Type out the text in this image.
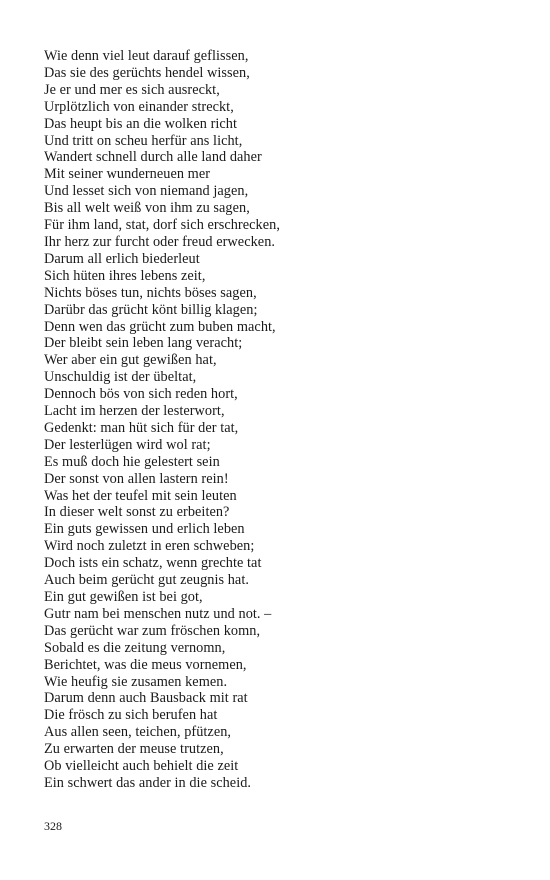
Wie denn viel leut darauf geflissen,
Das sie des gerüchts hendel wissen,
Je er und mer es sich ausreckt,
Urplötzlich von einander streckt,
Das heupt bis an die wolken richt
Und tritt on scheu herfür ans licht,
Wandert schnell durch alle land daher
Mit seiner wunderneuen mer
Und lesset sich von niemand jagen,
Bis all welt weiß von ihm zu sagen,
Für ihm land, stat, dorf sich erschrecken,
Ihr herz zur furcht oder freud erwecken.
Darum all erlich biederleut
Sich hüten ihres lebens zeit,
Nichts böses tun, nichts böses sagen,
Darübr das grücht könt billig klagen;
Denn wen das grücht zum buben macht,
Der bleibt sein leben lang veracht;
Wer aber ein gut gewißen hat,
Unschuldig ist der übeltat,
Dennoch bös von sich reden hort,
Lacht im herzen der lesterwort,
Gedenkt: man hüt sich für der tat,
Der lesterlügen wird wol rat;
Es muß doch hie gelestert sein
Der sonst von allen lastern rein!
Was het der teufel mit sein leuten
In dieser welt sonst zu erbeiten?
Ein guts gewissen und erlich leben
Wird noch zuletzt in eren schweben;
Doch ists ein schatz, wenn grechte tat
Auch beim gerücht gut zeugnis hat.
Ein gut gewißen ist bei got,
Gutr nam bei menschen nutz und not. –
Das gerücht war zum fröschen komn,
Sobald es die zeitung vernomn,
Berichtet, was die meus vornemen,
Wie heufig sie zusamen kemen.
Darum denn auch Bausback mit rat
Die frösch zu sich berufen hat
Aus allen seen, teichen, pfützen,
Zu erwarten der meuse trutzen,
Ob vielleicht auch behielt die zeit
Ein schwert das ander in die scheid.
328
